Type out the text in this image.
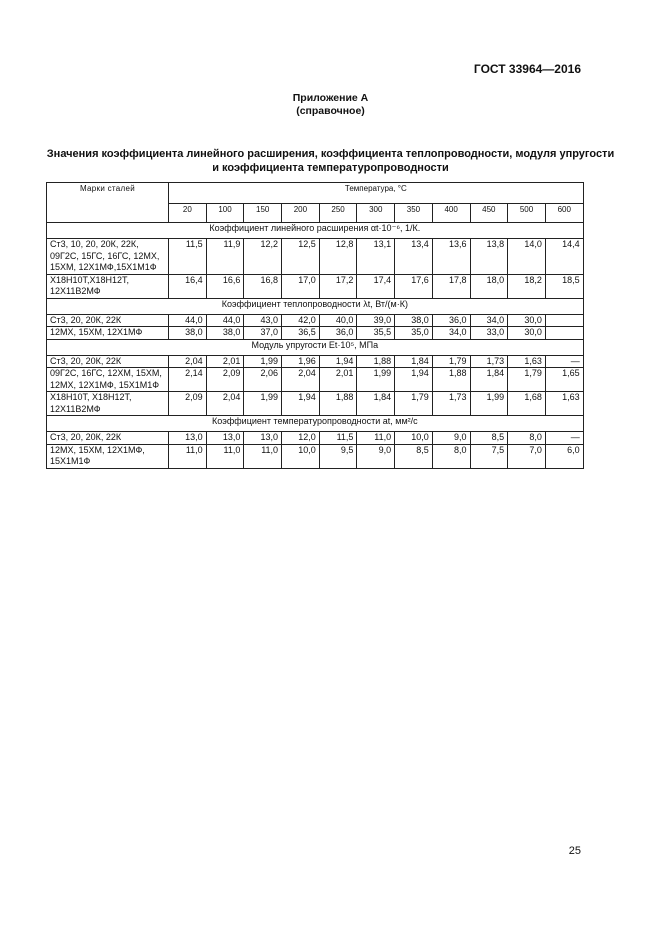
ГОСТ 33964—2016
Приложение А
(справочное)
Значения коэффициента линейного расширения, коэффициента теплопроводности, модуля упругости и коэффициента температуропроводности
Марки сталей	Температура, °С										
	20	100	150	200	250	300	350	400	450	500	600
Коэффициент линейного расширения αt·10⁻⁶, 1/К.											
Ст3, 10, 20, 20К, 22К, 09Г2С, 15ГС, 16ГС, 12МХ, 15ХМ, 12Х1МФ,15Х1М1Ф	11,5	11,9	12,2	12,5	12,8	13,1	13,4	13,6	13,8	14,0	14,4
Х18Н10Т,Х18Н12Т, 12Х11В2МФ	16,4	16,6	16,8	17,0	17,2	17,4	17,6	17,8	18,0	18,2	18,5
Коэффициент теплопроводности λt, Вт/(м·К)											
Ст3, 20, 20К, 22К	44,0	44,0	43,0	42,0	40,0	39,0	38,0	36,0	34,0	30,0	
12МХ, 15ХМ, 12Х1МФ	38,0	38,0	37,0	36,5	36,0	35,5	35,0	34,0	33,0	30,0	
Модуль упругости Et·10⁵, МПа											
Ст3, 20, 20К, 22К	2,04	2,01	1,99	1,96	1,94	1,88	1,84	1,79	1,73	1,63	—
09Г2С, 16ГС, 12ХМ, 15ХМ, 12МХ, 12Х1МФ, 15Х1М1Ф	2,14	2,09	2,06	2,04	2,01	1,99	1,94	1,88	1,84	1,79	1,65
Х18Н10Т, Х18Н12Т, 12Х11В2МФ	2,09	2,04	1,99	1,94	1,88	1,84	1,79	1,73	1,99	1,68	1,63
Коэффициент температуропроводности at, мм²/с											
Ст3, 20, 20К, 22К	13,0	13,0	13,0	12,0	11,5	11,0	10,0	9,0	8,5	8,0	—
12МХ, 15ХМ, 12Х1МФ, 15Х1М1Ф	11,0	11,0	11,0	10,0	9,5	9,0	8,5	8,0	7,5	7,0	6,0
25
